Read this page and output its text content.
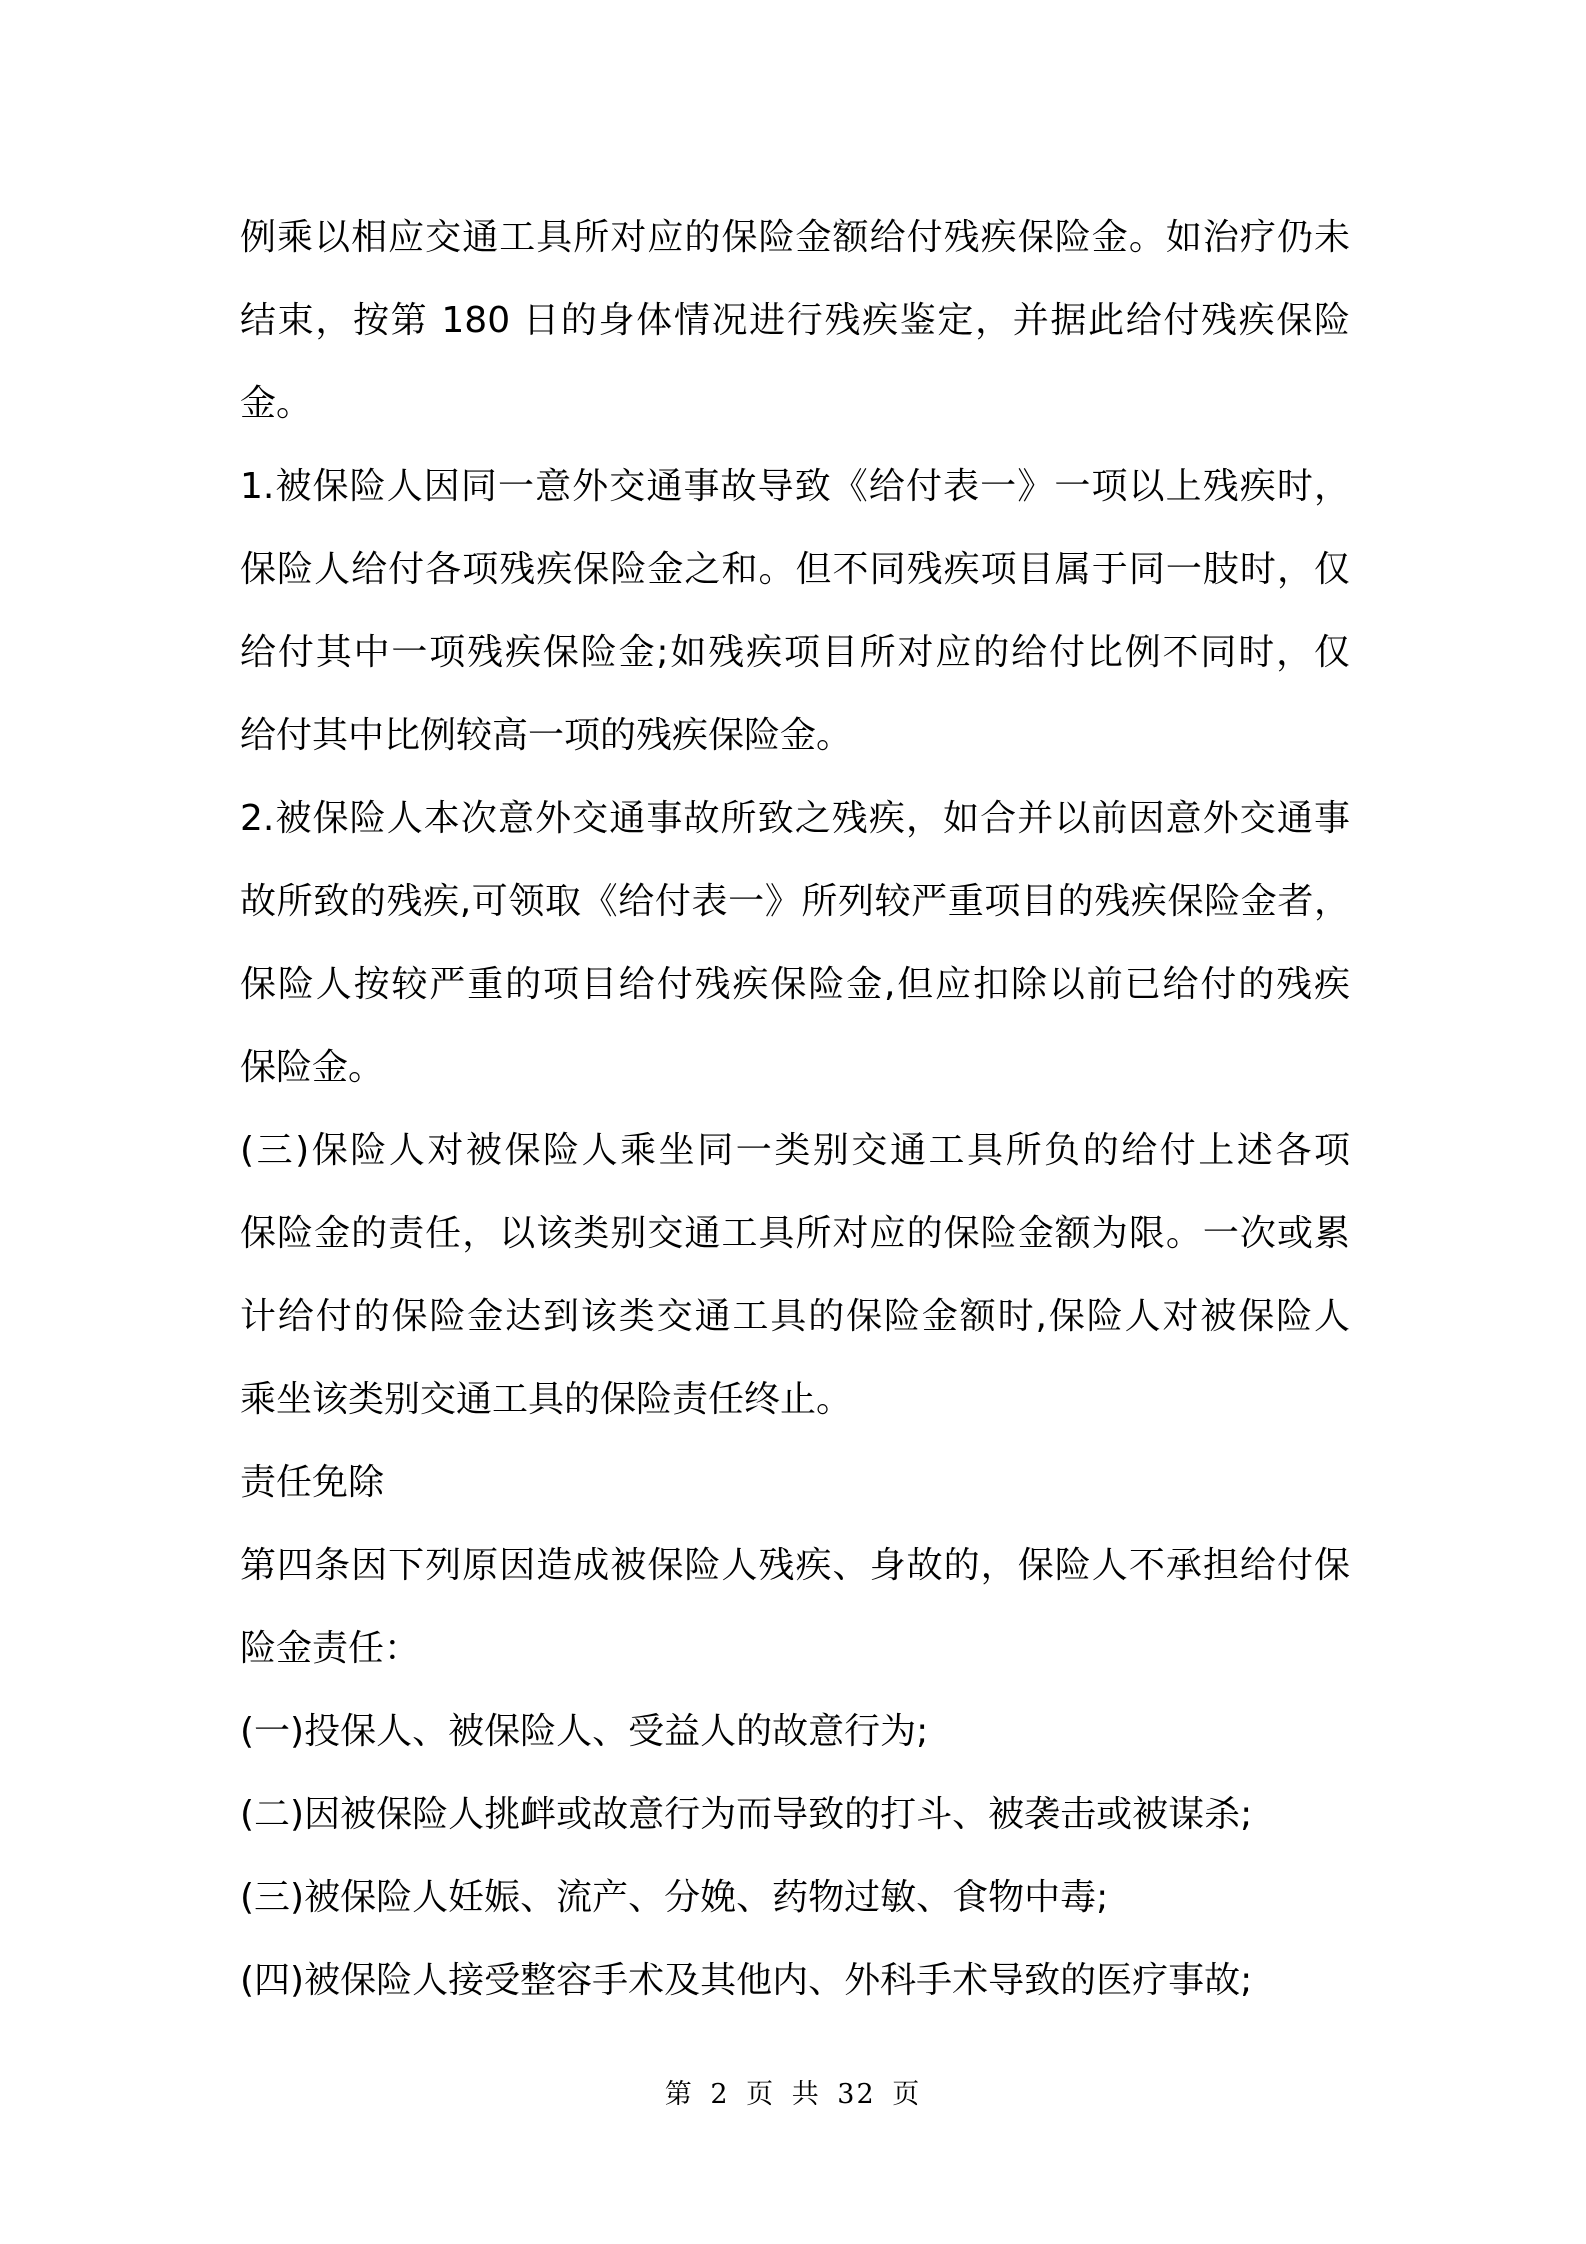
例乘以相应交通工具所对应的保险金额给付残疾保险金。如治疗仍未
结束，按第 180 日的身体情况进行残疾鉴定，并据此给付残疾保险
金。
1.被保险人因同一意外交通事故导致《给付表一》一项以上残疾时，
保险人给付各项残疾保险金之和。但不同残疾项目属于同一肢时，仅
给付其中一项残疾保险金;如残疾项目所对应的给付比例不同时，仅
给付其中比例较高一项的残疾保险金。
2.被保险人本次意外交通事故所致之残疾，如合并以前因意外交通事
故所致的残疾,可领取《给付表一》所列较严重项目的残疾保险金者，
保险人按较严重的项目给付残疾保险金,但应扣除以前已给付的残疾
保险金。
(三)保险人对被保险人乘坐同一类别交通工具所负的给付上述各项
保险金的责任，以该类别交通工具所对应的保险金额为限。一次或累
计给付的保险金达到该类交通工具的保险金额时,保险人对被保险人
乘坐该类别交通工具的保险责任终止。
责任免除
第四条因下列原因造成被保险人残疾、身故的，保险人不承担给付保
险金责任：
(一)投保人、被保险人、受益人的故意行为;
(二)因被保险人挑衅或故意行为而导致的打斗、被袭击或被谋杀;
(三)被保险人妊娠、流产、分娩、药物过敏、食物中毒;
(四)被保险人接受整容手术及其他内、外科手术导致的医疗事故;
第 2 页 共 32 页
